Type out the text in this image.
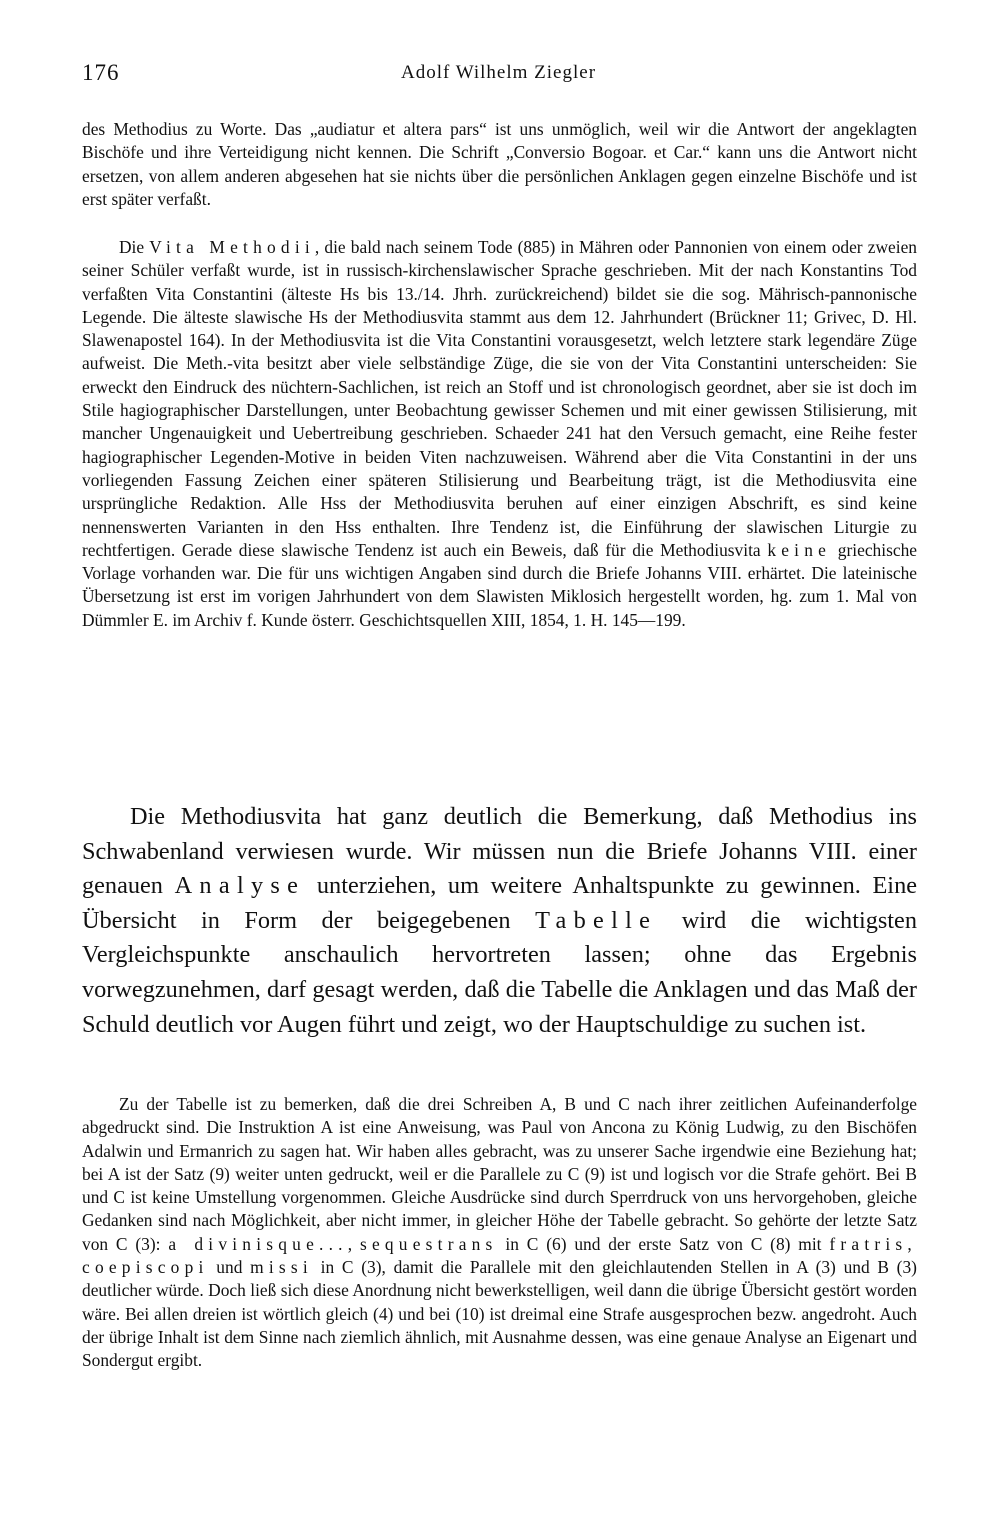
176	Adolf Wilhelm Ziegler

des Methodius zu Worte. Das „audiatur et altera pars“ ist uns unmöglich, weil wir die Antwort der angeklagten Bischöfe und ihre Verteidigung nicht kennen. Die Schrift „Conversio Bogoar. et Car.“ kann uns die Antwort nicht ersetzen, von allem anderen abgesehen hat sie nichts über die persönlichen Anklagen gegen einzelne Bischöfe und ist erst später verfaßt.

Die Vita Methodii, die bald nach seinem Tode (885) in Mähren oder Pannonien von einem oder zweien seiner Schüler verfaßt wurde, ist in russisch-kirchenslawischer Sprache geschrieben. Mit der nach Konstantins Tod verfaßten Vita Constantini (älteste Hs bis 13./14. Jhrh. zurückreichend) bildet sie die sog. Mährisch-pannonische Legende. Die älteste slawische Hs der Methodiusvita stammt aus dem 12. Jahrhundert (Brückner 11; Grivec, D. Hl. Slawenapostel 164). In der Methodiusvita ist die Vita Constantini vorausgesetzt, welch letztere stark legendäre Züge aufweist. Die Meth.-vita besitzt aber viele selbständige Züge, die sie von der Vita Constantini unterscheiden: Sie erweckt den Eindruck des nüchtern-Sachlichen, ist reich an Stoff und ist chronologisch geordnet, aber sie ist doch im Stile hagiographischer Darstellungen, unter Beobachtung gewisser Schemen und mit einer gewissen Stilisierung, mit mancher Ungenauigkeit und Uebertreibung geschrieben. Schaeder 241 hat den Versuch gemacht, eine Reihe fester hagiographischer Legenden-Motive in beiden Viten nachzuweisen. Während aber die Vita Constantini in der uns vorliegenden Fassung Zeichen einer späteren Stilisierung und Bearbeitung trägt, ist die Methodiusvita eine ursprüngliche Redaktion. Alle Hss der Methodiusvita beruhen auf einer einzigen Abschrift, es sind keine nennenswerten Varianten in den Hss enthalten. Ihre Tendenz ist, die Einführung der slawischen Liturgie zu rechtfertigen. Gerade diese slawische Tendenz ist auch ein Beweis, daß für die Methodiusvita keine griechische Vorlage vorhanden war. Die für uns wichtigen Angaben sind durch die Briefe Johanns VIII. erhärtet. Die lateinische Übersetzung ist erst im vorigen Jahrhundert von dem Slawisten Miklosich hergestellt worden, hg. zum 1. Mal von Dümmler E. im Archiv f. Kunde österr. Geschichtsquellen XIII, 1854, 1. H. 145—199.

Die Methodiusvita hat ganz deutlich die Bemerkung, daß Methodius ins Schwabenland verwiesen wurde. Wir müssen nun die Briefe Johanns VIII. einer genauen Analyse unterziehen, um weitere Anhaltspunkte zu gewinnen. Eine Übersicht in Form der beigegebenen Tabelle wird die wichtigsten Vergleichspunkte anschaulich hervortreten lassen; ohne das Ergebnis vorwegzunehmen, darf gesagt werden, daß die Tabelle die Anklagen und das Maß der Schuld deutlich vor Augen führt und zeigt, wo der Hauptschuldige zu suchen ist.

Zu der Tabelle ist zu bemerken, daß die drei Schreiben A, B und C nach ihrer zeitlichen Aufeinanderfolge abgedruckt sind. Die Instruktion A ist eine Anweisung, was Paul von Ancona zu König Ludwig, zu den Bischöfen Adalwin und Ermanrich zu sagen hat. Wir haben alles gebracht, was zu unserer Sache irgendwie eine Beziehung hat; bei A ist der Satz (9) weiter unten gedruckt, weil er die Parallele zu C (9) ist und logisch vor die Strafe gehört. Bei B und C ist keine Umstellung vorgenommen. Gleiche Ausdrücke sind durch Sperrdruck von uns hervorgehoben, gleiche Gedanken sind nach Möglichkeit, aber nicht immer, in gleicher Höhe der Tabelle gebracht. So gehörte der letzte Satz von C (3): a divinisque..., sequestrans in C (6) und der erste Satz von C (8) mit fratris, coepiscopi und missi in C (3), damit die Parallele mit den gleichlautenden Stellen in A (3) und B (3) deutlicher würde. Doch ließ sich diese Anordnung nicht bewerkstelligen, weil dann die übrige Übersicht gestört worden wäre. Bei allen dreien ist wörtlich gleich (4) und bei (10) ist dreimal eine Strafe ausgesprochen bezw. angedroht. Auch der übrige Inhalt ist dem Sinne nach ziemlich ähnlich, mit Ausnahme dessen, was eine genaue Analyse an Eigenart und Sondergut ergibt.
